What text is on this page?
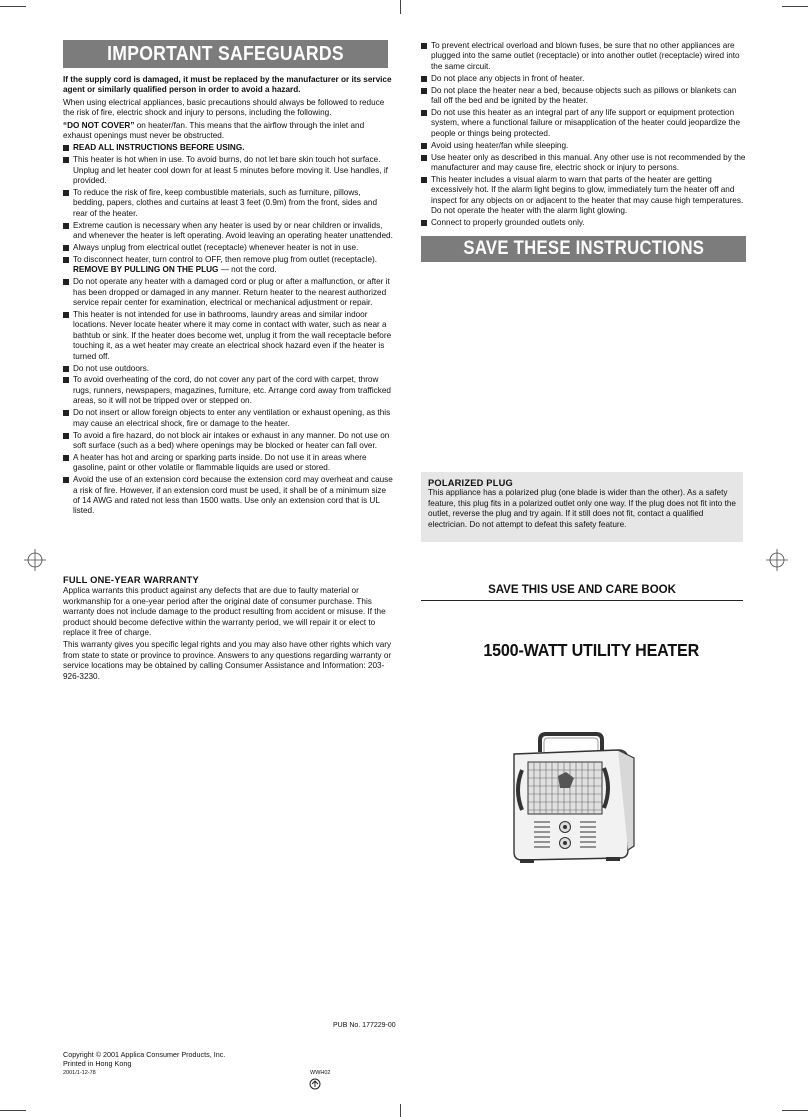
IMPORTANT SAFEGUARDS

If the supply cord is damaged, it must be replaced by the manufacturer or its service agent or similarly qualified person in order to avoid a hazard.

When using electrical appliances, basic precautions should always be followed to reduce the risk of fire, electric shock and injury to persons, including the following.

“DO NOT COVER” on heater/fan. This means that the airflow through the inlet and exhaust openings must never be obstructed.

READ ALL INSTRUCTIONS BEFORE USING.
This heater is hot when in use. To avoid burns, do not let bare skin touch hot surface. Unplug and let heater cool down for at least 5 minutes before moving it. Use handles, if provided.
To reduce the risk of fire, keep combustible materials, such as furniture, pillows, bedding, papers, clothes and curtains at least 3 feet (0.9m) from the front, sides and rear of the heater.
Extreme caution is necessary when any heater is used by or near children or invalids, and whenever the heater is left operating. Avoid leaving an operating heater unattended.
Always unplug from electrical outlet (receptacle) whenever heater is not in use.
To disconnect heater, turn control to OFF, then remove plug from outlet (receptacle).
REMOVE BY PULLING ON THE PLUG — not the cord.
Do not operate any heater with a damaged cord or plug or after a malfunction, or after it has been dropped or damaged in any manner. Return heater to the nearest authorized service repair center for examination, electrical or mechanical adjustment or repair.
This heater is not intended for use in bathrooms, laundry areas and similar indoor locations. Never locate heater where it may come in contact with water, such as near a bathtub or sink. If the heater does become wet, unplug it from the wall receptacle before touching it, as a wet heater may create an electrical shock hazard even if the heater is turned off.
Do not use outdoors.
To avoid overheating of the cord, do not cover any part of the cord with carpet, throw rugs, runners, newspapers, magazines, furniture, etc. Arrange cord away from trafficked areas, so it will not be tripped over or stepped on.
Do not insert or allow foreign objects to enter any ventilation or exhaust opening, as this may cause an electrical shock, fire or damage to the heater.
To avoid a fire hazard, do not block air intakes or exhaust in any manner. Do not use on soft surface (such as a bed) where openings may be blocked or heater can fall over.
A heater has hot and arcing or sparking parts inside. Do not use it in areas where gasoline, paint or other volatile or flammable liquids are used or stored.
Avoid the use of an extension cord because the extension cord may overheat and cause a risk of fire. However, if an extension cord must be used, it shall be of a minimum size of 14 AWG and rated not less than 1500 watts. Use only an extension cord that is UL listed.
To prevent electrical overload and blown fuses, be sure that no other appliances are plugged into the same outlet (receptacle) or into another outlet (receptacle) wired into the same circuit.
Do not place any objects in front of heater.
Do not place the heater near a bed, because objects such as pillows or blankets can fall off the bed and be ignited by the heater.
Do not use this heater as an integral part of any life support or equipment protection system, where a functional failure or misapplication of the heater could jeopardize the people or things being protected.
Avoid using heater/fan while sleeping.
Use heater only as described in this manual. Any other use is not recommended by the manufacturer and may cause fire, electric shock or injury to persons.
This heater includes a visual alarm to warn that parts of the heater are getting excessively hot. If the alarm light begins to glow, immediately turn the heater off and inspect for any objects on or adjacent to the heater that may cause high temperatures. Do not operate the heater with the alarm light glowing.
Connect to properly grounded outlets only.
SAVE THESE INSTRUCTIONS
POLARIZED PLUG
This appliance has a polarized plug (one blade is wider than the other). As a safety feature, this plug fits in a polarized outlet only one way. If the plug does not fit into the outlet, reverse the plug and try again. If it still does not fit, contact a qualified electrician. Do not attempt to defeat this safety feature.
FULL ONE-YEAR WARRANTY

Applica warrants this product against any defects that are due to faulty material or workmanship for a one-year period after the original date of consumer purchase. This warranty does not include damage to the product resulting from accident or misuse. If the product should become defective within the warranty period, we will repair it or elect to replace it free of charge.

This warranty gives you specific legal rights and you may also have other rights which vary from state to state or province to province. Answers to any questions regarding warranty or service locations may be obtained by calling Consumer Assistance and Information: 203-926-3230.

SAVE THIS USE AND CARE BOOK
1500-WATT UTILITY HEATER
PUB No. 177229-00
Copyright © 2001 Applica Consumer Products, Inc.
Printed in Hong Kong
2001/1-12-78	WWH02
